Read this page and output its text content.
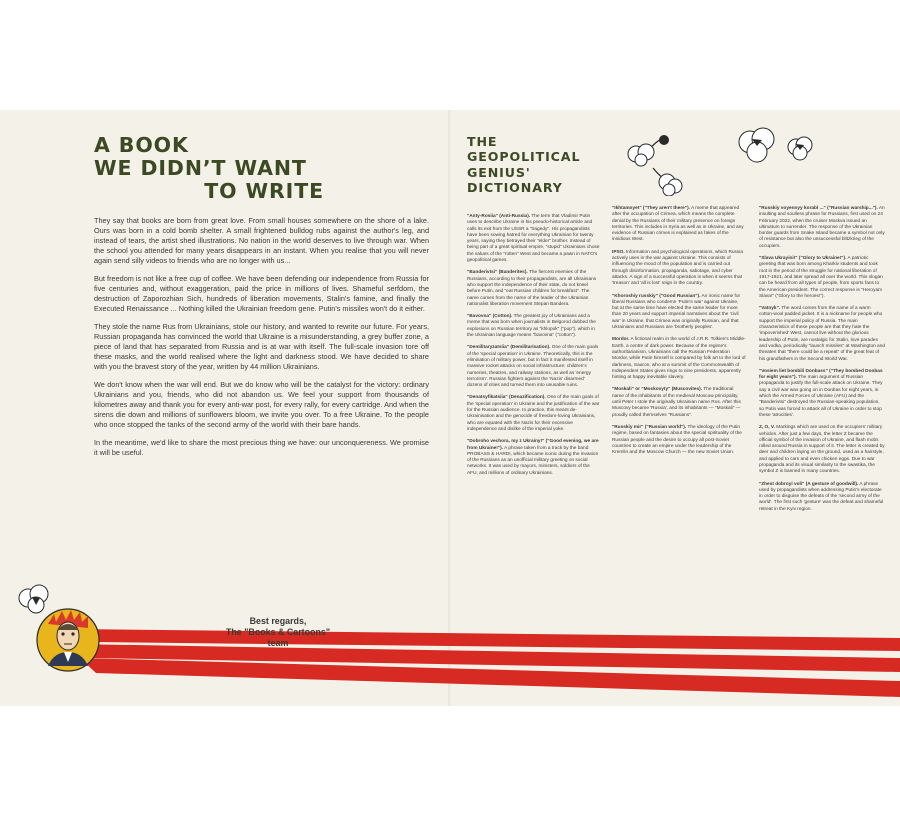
A BOOK
WE DIDN’T WANT
TO WRITE

They say that books are born from great love. From small houses somewhere on the shore of a lake. Ours was born in a cold bomb shelter. A small frightened bulldog rubs against the author's leg, and instead of tears, the artist shed illustrations. No nation in the world deserves to live through war. When the school you attended for many years disappears in an instant. When you realise that you will never again send silly videos to friends who are no longer with us...

But freedom is not like a free cup of coffee. We have been defending our independence from Russia for five centuries and, without exaggeration, paid the price in millions of lives. Shameful serfdom, the destruction of Zaporozhian Sich, hundreds of liberation movements, Stalin's famine, and finally the Executed Renaissance ... Nothing killed the Ukrainian freedom gene. Putin's missiles won't do it either.

They stole the name Rus from Ukrainians, stole our history, and wanted to rewrite our future. For years, Russian propaganda has convinced the world that Ukraine is a misunderstanding, a grey buffer zone, a piece of land that has separated from Russia and is at war with itself. The full-scale invasion tore off these masks, and the world realised where the light and darkness stood. We have decided to share with you the bravest story of the year, written by 44 million Ukrainians.

We don't know when the war will end. But we do know who will be the catalyst for the victory: ordinary Ukrainians and you, friends, who did not abandon us. We feel your support from thousands of kilometres away and thank you for every anti-war post, for every rally, for every cartridge. And when the sirens die down and millions of sunflowers bloom, we invite you over. To a free Ukraine. To the people who once stopped the tanks of the second army of the world with their bare hands.

In the meantime, we'd like to share the most precious thing we have: our unconquereness. We promise it will be useful.

Best regards,
The "Books & Cartoons"
team
THE
GEOPOLITICAL
GENIUS'
DICTIONARY

"Anty-Rosiia" (Anti-Russia). The term that Vladimir Putin uses to describe Ukraine in his pseudo-historical article and calls its exit from the USSR a "tragedy". His propagandists have been sowing hatred for everything Ukrainian for twenty years, saying they betrayed their "elder" brother. Instead of being part of a great spiritual empire, "stupid" Ukrainians chose the values of the "rotten" West and became a pawn in NATO's geopolitical games.

"Banderivtsi" (Banderites). The fiercest enemies of the Russians, according to their propagandists, are all Ukrainians who support the independence of their state, do not kneel before Putin, and "eat Russian children for breakfast". The name comes from the name of the leader of the Ukrainian nationalist liberation movement Stepan Bandera.

"Bavovna" (Cotton). The greatest joy of Ukrainians and a meme that was born when journalists in Belgorod dubbed the explosions on Russian territory as "khlopok" ("pop"), which in the Ukrainian language means "bavovna" ("cotton").

"Demilitaryzatsiia" (Demilitarisation). One of the main goals of the 'special operation' in Ukraine. Theoretically, this is the elimination of military power, but in fact it manifested itself in massive rocket attacks on social infrastructure: children's nurseries, theatres, and railway stations, as well as 'energy terrorism'. Russian fighters against the 'Nazis' disarmed' dozens of cities and turned them into unusable ruins.

"Denatsyfikatsiia" (Denazification). One of the main goals of the 'special operation' in Ukraine and the justification of the war for the Russian audience. In practice, this meant de-Ukrainisation and the genocide of freedom-loving Ukrainians, who are equated with the Nazis for their excessive independence and dislike of the imperial yoke.

"Dobroho vechora, my z Ukrainy!" ("Good evening, we are from Ukraine!"). A phrase taken from a track by the band PROBASS & HARDI, which became iconic during the invasion of the Russians as an unofficial military greeting on social networks. It was used by mayors, ministers, soldiers of the AFU, and millions of ordinary Ukrainians.

"Ikhtamnyet" ("They aren't there"). A meme that appeared after the occupation of Crimea, which means the complete denial by the Russians of their military presence on foreign territories. This includes in Syria as well as in Ukraine, and any evidence of Russian crimes is explained as fakes of the insidious West.

IPSO. Information and psychological operations, which Russia actively uses in the war against Ukraine. This consists of influencing the mood of the population and is carried out through disinformation, propaganda, sabotage, and cyber attacks. A sign of a successful operation is when it seems that 'treason' and 'all is lost' reign in the country.

"Khoroshiy russkiy" ("Good Russian"). An ironic name for liberal Russians who condemn 'Putin's war' against Ukraine, but at the same time have elected the same leader for more than 20 years and support imperial narratives about the 'civil war' in Ukraine, that Crimea was originally Russian, and that Ukrainians and Russians are 'brotherly peoples'.

Mordor. A fictional realm in the world of J.R.R. Tolkien's Middle-Earth, a centre of dark power. Because of the regime's authoritarianism, Ukrainians call the Russian Federation Mordor, while Putin himself is compared by folk art to the lord of darkness, Sauron, who at a summit of the Commonwealth of Independent States gives rings to nine presidents, apparently hinting at happy inevitable slavery.

"Moskali" or "Moskovyty" (Muscovites). The traditional name of the inhabitants of the medieval Moscow principality, until Peter I stole the originally Ukrainian name Rus. After this Muscovy became 'Russia', and its inhabitants — "Moskali" — proudly called themselves "Russians".

"Russkiy mir" ("Russian world"). The ideology of the Putin regime, based on fantasies about the special spirituality of the Russian people and the desire to occupy all post-Soviet countries to create an empire under the leadership of the Kremlin and the Moscow Church — the new Soviet Union.

"Russkiy voyennyy korabl ..." ("Russian warship..."). An insulting and soulless phrase for Russians, first used on 24 February 2022, when the cruiser Moskva issued an ultimatum to surrender. The response of the Ukrainian border guards from Snake Island became a symbol not only of resistance but also the unsuccessful blitzkrieg of the occupiers.

"Slava Ukrayini!" ("Glory to Ukraine!"). A patriotic greeting that was born among Kharkiv students and took root in the period of the struggle for national liberation of 1917-1921, and later spread all over the world. This slogan can be heard from all types of people, from sports fans to the American president. The correct response is "Heroyam Slava!" ("Glory to the heroes!").

"Vatnyk". The word comes from the name of a warm cotton-wool padded jacket. It is a nickname for people who support the imperial policy of Russia. The main characteristics of these people are that they hate the 'impoverished' West, cannot live without the glorious leadership of Putin, are nostalgic for Stalin, love parades and vodka, periodically "launch missiles" at Washington and threaten that "there could be a repeat" of the great feat of his grandfathers in the Second World War.

"Vosiem liet bombili Donbass" ("They bombed Donbas for eight years"). The main argument of Russian propaganda to justify the full-scale attack on Ukraine. They say a civil war was going on in Donbas for eight years, in which the Armed Forces of Ukraine (AFU) and the "Banderivtsi" destroyed the Russian-speaking population, so Putin was forced to attack all of Ukraine in order to stop these 'atrocities'.

Z, O, V. Markings which are used on the occupiers' military vehicles. After just a few days, the letter Z became the official symbol of the invasion of Ukraine, and flash mobs rolled around Russia in support of it. The letter is created by deer and children laying on the ground, used as a hairstyle, and applied to cars and even chicken eggs. Due to war propaganda and its visual similarity to the swastika, the symbol Z is banned in many countries.

"Zhest dobroyi voli" (A gesture of goodwill). A phrase used by propagandists when addressing Putin's electorate in order to disguise the defeats of the 'second army of the world'. The first such 'gesture' was the defeat and shameful retreat in the Kyiv region.
